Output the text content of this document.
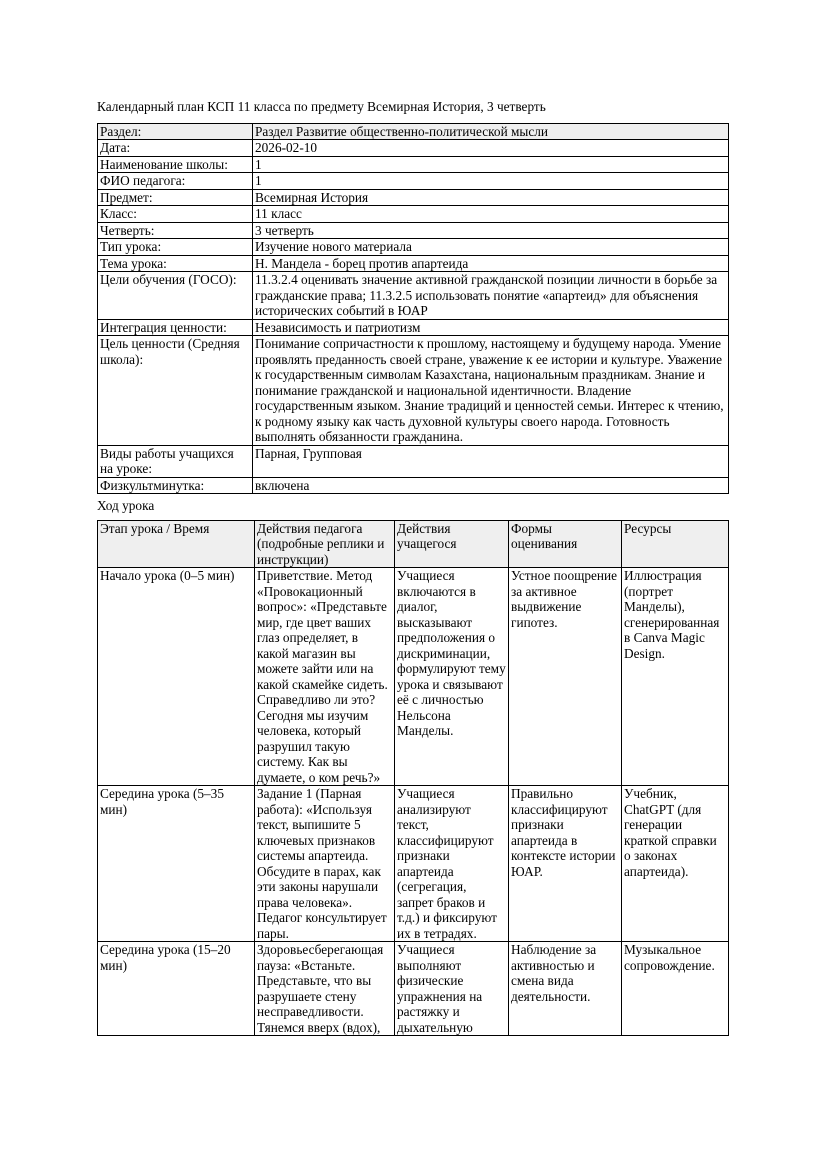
Календарный план КСП 11 класса по предмету Всемирная История, 3 четверть

Раздел:	Раздел Развитие общественно-политической мысли
Дата:	2026-02-10
Наименование школы:	1
ФИО педагога:	1
Предмет:	Всемирная История
Класс:	11 класс
Четверть:	3 четверть
Тип урока:	Изучение нового материала
Тема урока:	Н. Мандела - борец против апартеида
Цели обучения (ГОСО):	11.3.2.4 оценивать значение активной гражданской позиции личности в борьбе за гражданские права; 11.3.2.5 использовать понятие «апартеид» для объяснения исторических событий в ЮАР
Интеграция ценности:	Независимость и патриотизм
Цель ценности (Средняя школа):	Понимание сопричастности к прошлому, настоящему и будущему народа. Умение проявлять преданность своей стране, уважение к ее истории и культуре. Уважение к государственным символам Казахстана, национальным праздникам. Знание и понимание гражданской и национальной идентичности. Владение государственным языком. Знание традиций и ценностей семьи. Интерес к чтению, к родному языку как часть духовной культуры своего народа. Готовность выполнять обязанности гражданина.
Виды работы учащихся на уроке:	Парная, Групповая
Физкультминутка:	включена

Ход урока

Этап урока / Время	Действия педагога (подробные реплики и инструкции)	Действия учащегося	Формы оценивания	Ресурсы
Начало урока (0–5 мин)	Приветствие. Метод «Провокационный вопрос»: «Представьте мир, где цвет ваших глаз определяет, в какой магазин вы можете зайти или на какой скамейке сидеть. Справедливо ли это? Сегодня мы изучим человека, который разрушил такую систему. Как вы думаете, о ком речь?»	Учащиеся включаются в диалог, высказывают предположения о дискриминации, формулируют тему урока и связывают её с личностью Нельсона Манделы.	Устное поощрение за активное выдвижение гипотез.	Иллюстрация (портрет Манделы), сгенерированная в Canva Magic Design.
Середина урока (5–35 мин)	Задание 1 (Парная работа): «Используя текст, выпишите 5 ключевых признаков системы апартеида. Обсудите в парах, как эти законы нарушали права человека». Педагог консультирует пары.	Учащиеся анализируют текст, классифицируют признаки апартеида (сегрегация, запрет браков и т.д.) и фиксируют их в тетрадях.	Правильно классифицируют признаки апартеида в контексте истории ЮАР.	Учебник, ChatGPT (для генерации краткой справки о законах апартеида).
Середина урока (15–20 мин)	Здоровьесберегающая пауза: «Встаньте. Представьте, что вы разрушаете стену несправедливости. Тянемся вверх (вдох),	Учащиеся выполняют физические упражнения на растяжку и дыхательную	Наблюдение за активностью и смена вида деятельности.	Музыкальное сопровождение.
